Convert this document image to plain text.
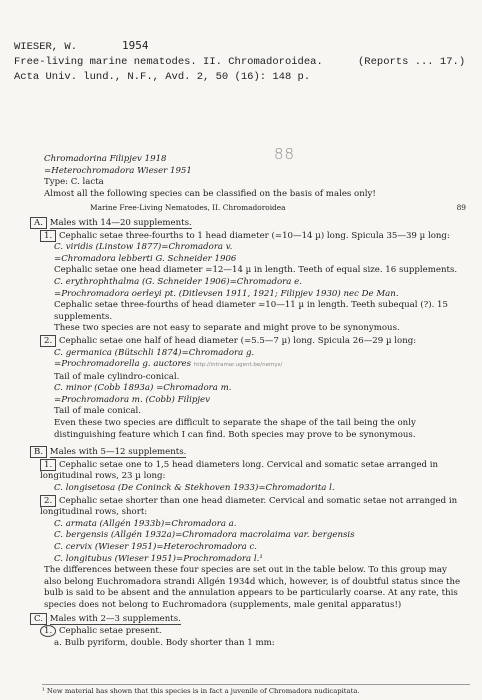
WIESER, W.	1954
Free-living marine nematodes. II. Chromadoroidea.	(Reports ... 17.)
Acta Univ. lund., N.F., Avd. 2, 50 (16): 148 p.
Chromadorina Filipjev 1918
=Heterochromadora Wieser 1951
Type: C. lacta
Almost all the following species can be classified on the basis of males only!
88
Marine Free-Living Nematodes, II. Chromadoroidea	89
A. Males with 14—20 supplements.
1. Cephalic setae three-fourths to 1 head diameter (=10—14 µ) long. Spicula 35—39 µ long:
C. viridis (Linstow 1877)=Chromadora v.
=Chromadora lebberti G. Schneider 1906
Cephalic setae one head diameter =12—14 µ in length. Teeth of equal size. 16 supplements.
C. erythrophthalma (G. Schneider 1906)=Chromadora e.
=Prochromadora oerleyi pt. (Ditlevsen 1911, 1921; Filipjev 1930) nec De Man.
Cephalic setae three-fourths of head diameter =10—11 µ in length. Teeth subequal (?). 15 supplements.
These two species are not easy to separate and might prove to be synonymous.
2. Cephalic setae one half of head diameter (=5.5—7 µ) long. Spicula 26—29 µ long:
C. germanica (Bütschli 1874)=Chromadora g.
=Prochromadorella g. auctores http://intramar.ugent.be/nemys/
Tail of male cylindro-conical.
C. minor (Cobb 1893a) =Chromadora m.
=Prochromadora m. (Cobb) Filipjev
Tail of male conical.
Even these two species are difficult to separate the shape of the tail being the only distinguishing feature which I can find. Both species may prove to be synonymous.
B. Males with 5—12 supplements.
1. Cephalic setae one to 1,5 head diameters long. Cervical and somatic setae arranged in longitudinal rows, 23 µ long:
C. longisetosa (De Coninck & Stekhoven 1933)=Chromadorita l.
2. Cephalic setae shorter than one head diameter. Cervical and somatic setae not arranged in longitudinal rows, short:
C. armata (Allgén 1933b)=Chromadora a.
C. bergensis (Allgén 1932a)=Chromadora macrolaima var. bergensis
C. cervix (Wieser 1951)=Heterochromadora c.
C. longitubus (Wieser 1951)=Prochromadora l.¹
The differences between these four species are set out in the table below. To this group may also belong Euchromadora strandi Allgén 1934d which, however, is of doubtful status since the bulb is said to be absent and the annulation appears to be particularly coarse. At any rate, this species does not belong to Euchromadora (supplements, male genital apparatus!)
C. Males with 2—3 supplements.
1. Cephalic setae present.
a. Bulb pyriform, double. Body shorter than 1 mm:
¹ New material has shown that this species is in fact a juvenile of Chromadora nudicapitata.
